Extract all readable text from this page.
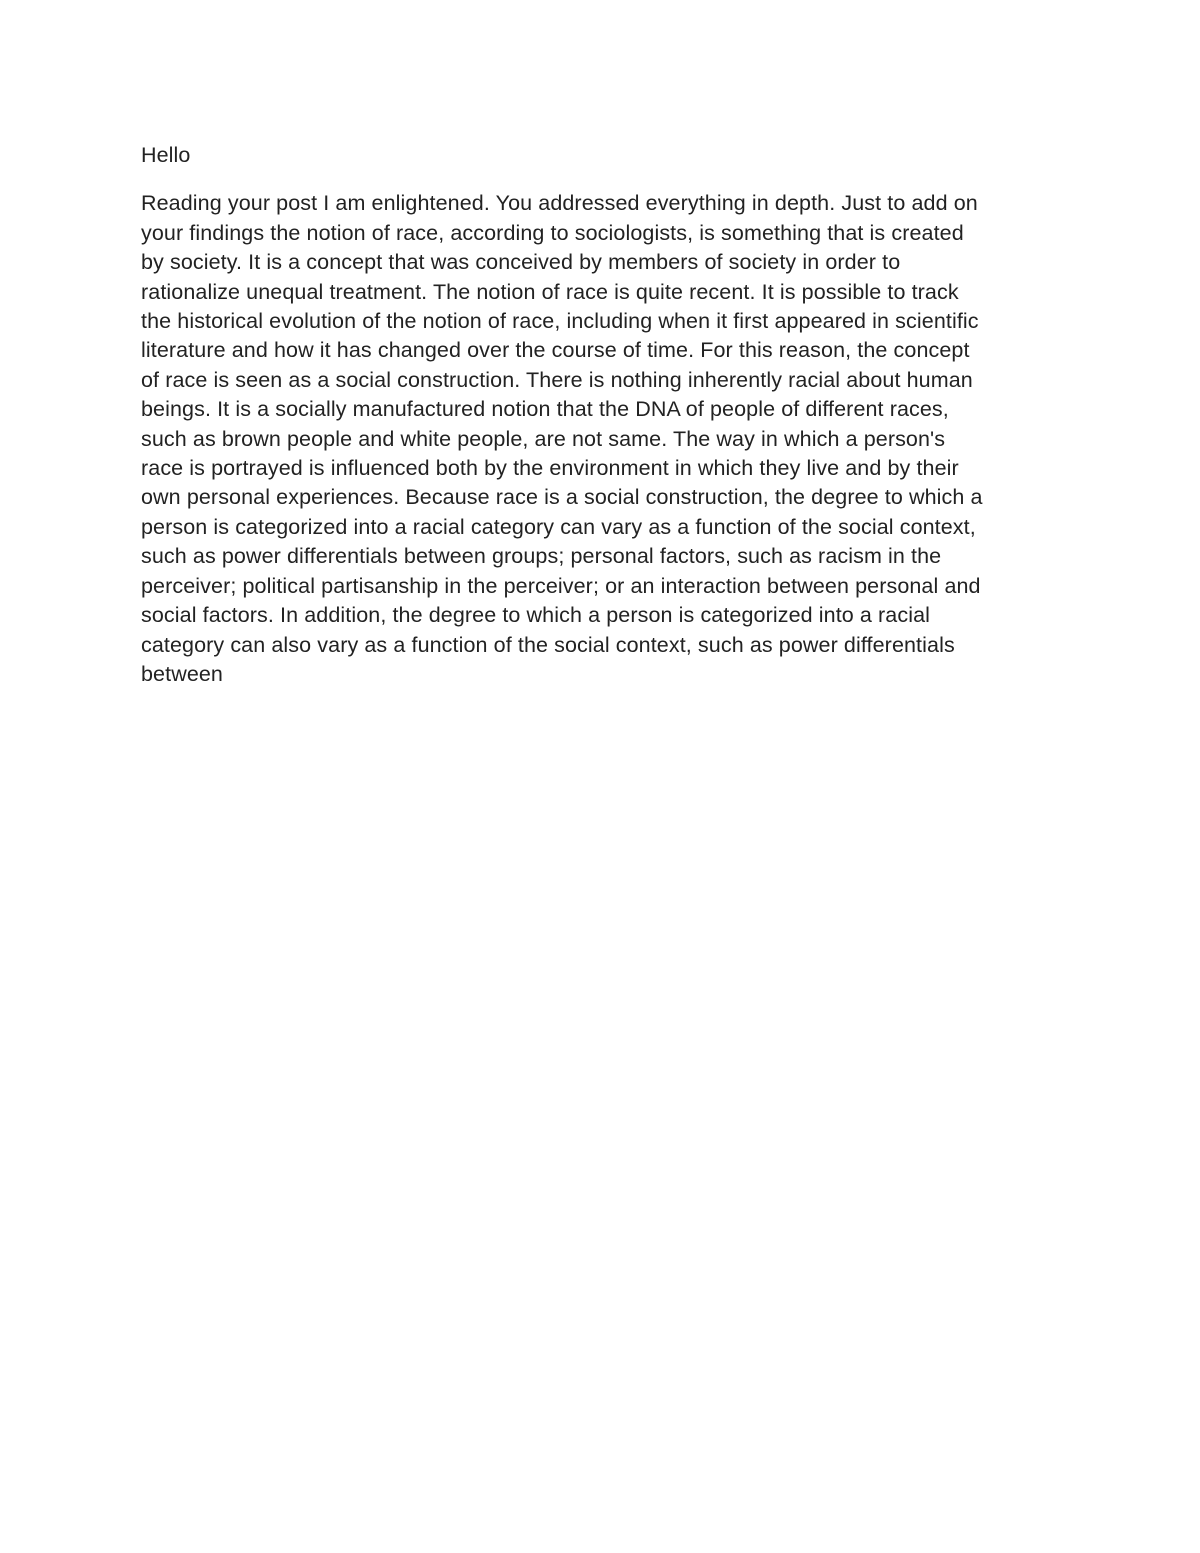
Hello

Reading your post I am enlightened. You addressed everything in depth. Just to add on
your findings the notion of race, according to sociologists, is something that is created
by society. It is a concept that was conceived by members of society in order to
rationalize unequal treatment. The notion of race is quite recent. It is possible to track
the historical evolution of the notion of race, including when it first appeared in scientific
literature and how it has changed over the course of time. For this reason, the concept
of race is seen as a social construction. There is nothing inherently racial about human
beings. It is a socially manufactured notion that the DNA of people of different races,
such as brown people and white people, are not same. The way in which a person's
race is portrayed is influenced both by the environment in which they live and by their
own personal experiences. Because race is a social construction, the degree to which a
person is categorized into a racial category can vary as a function of the social context,
such as power differentials between groups; personal factors, such as racism in the
perceiver; political partisanship in the perceiver; or an interaction between personal and
social factors. In addition, the degree to which a person is categorized into a racial
category can also vary as a function of the social context, such as power differentials
between
